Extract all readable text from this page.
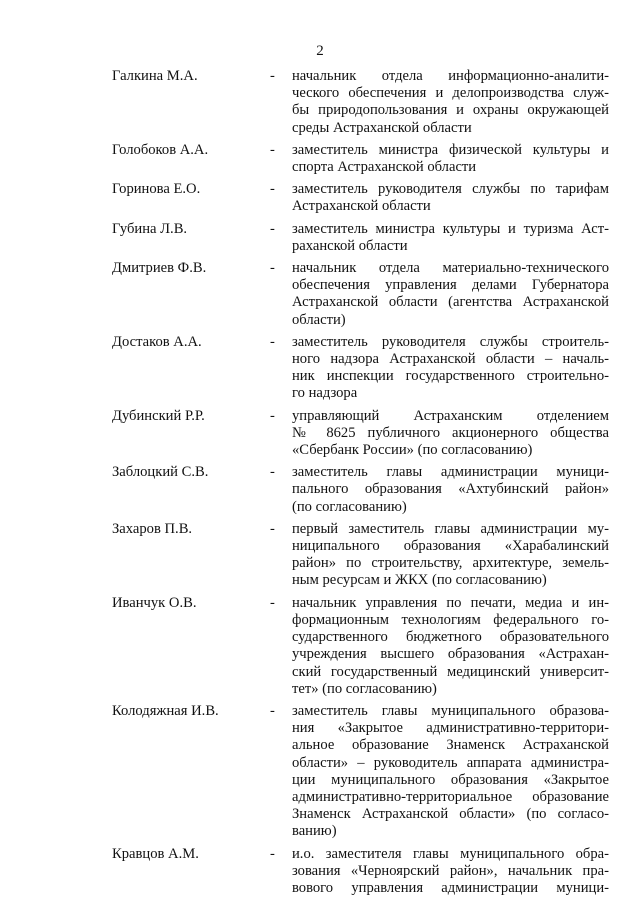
2
Галкина М.А.	- начальник отдела информационно-аналити-
ческого обеспечения и делопроизводства служ-
бы природопользования и охраны окружающей
среды Астраханской области
Голобоков А.А.	- заместитель министра физической культуры и
спорта Астраханской области
Горинова Е.О.	- заместитель руководителя службы по тарифам
Астраханской области
Губина Л.В.	- заместитель министра культуры и туризма Аст-
раханской области
Дмитриев Ф.В.	- начальник отдела материально-технического
обеспечения управления делами Губернатора
Астраханской области (агентства Астраханской
области)
Достаков А.А.	- заместитель руководителя службы строитель-
ного надзора Астраханской области – началь-
ник инспекции государственного строительно-
го надзора
Дубинский Р.Р.	- управляющий Астраханским отделением
№ 8625 публичного акционерного общества
«Сбербанк России» (по согласованию)
Заблоцкий С.В.	- заместитель главы администрации муници-
пального образования «Ахтубинский район»
(по согласованию)
Захаров П.В.	- первый заместитель главы администрации му-
ниципального образования «Харабалинский
район» по строительству, архитектуре, земель-
ным ресурсам и ЖКХ (по согласованию)
Иванчук О.В.	- начальник управления по печати, медиа и ин-
формационным технологиям федерального го-
сударственного бюджетного образовательного
учреждения высшего образования «Астрахан-
ский государственный медицинский университ-
тет» (по согласованию)
Колодяжная И.В.	- заместитель главы муниципального образова-
ния «Закрытое административно-территори-
альное образование Знаменск Астраханской
области» – руководитель аппарата администра-
ции муниципального образования «Закрытое
административно-территориальное образование
Знаменск Астраханской области» (по согласо-
ванию)
Кравцов А.М.	- и.о. заместителя главы муниципального обра-
зования «Черноярский район», начальник пра-
вового управления администрации муници-
